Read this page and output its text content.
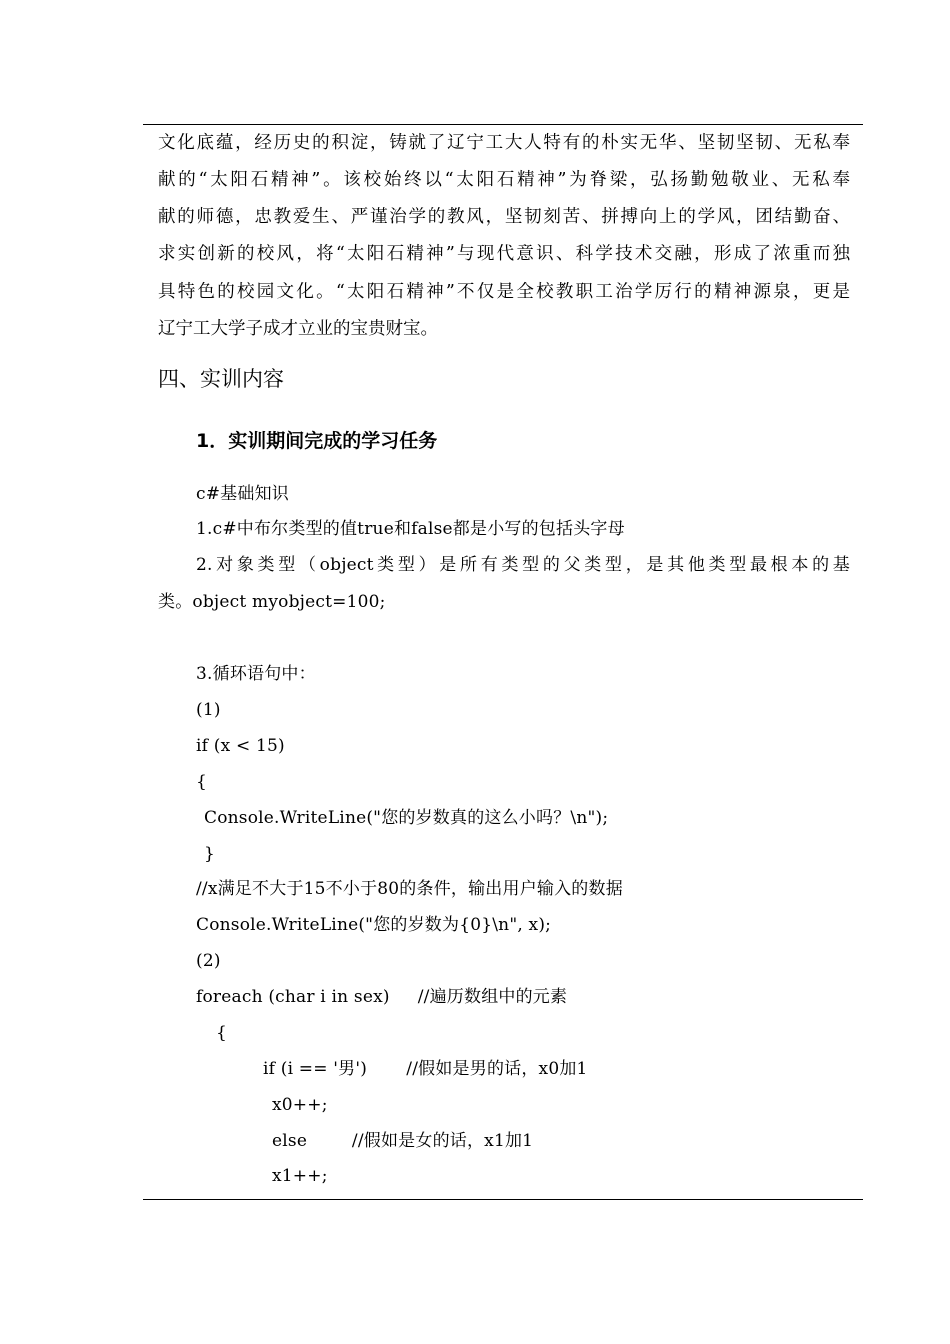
文化底蕴，经历史的积淀，铸就了辽宁工大人特有的朴实无华、坚韧坚韧、无私奉
献的“太阳石精神”。该校始终以“太阳石精神”为脊梁，弘扬勤勉敬业、无私奉
献的师德，忠教爱生、严谨治学的教风，坚韧刻苦、拼搏向上的学风，团结勤奋、
求实创新的校风，将“太阳石精神”与现代意识、科学技术交融，形成了浓重而独
具特色的校园文化。“太阳石精神”不仅是全校教职工治学厉行的精神源泉，更是
辽宁工大学子成才立业的宝贵财宝。
四、实训内容
1．实训期间完成的学习任务
c#基础知识
1.c#中布尔类型的值true和false都是小写的包括头字母
2.对象类型（object类型）是所有类型的父类型，是其他类型最根本的基
类。object myobject=100;
3.循环语句中：
(1)
if (x < 15)
{
Console.WriteLine("您的岁数真的这么小吗？\n");
}
//x满足不大于15不小于80的条件，输出用户输入的数据
Console.WriteLine("您的岁数为{0}\n", x);
(2)
foreach (char i in sex)     //遍历数组中的元素
{
if (i == '男')       //假如是男的话，x0加1
x0++;
else        //假如是女的话，x1加1
x1++;
